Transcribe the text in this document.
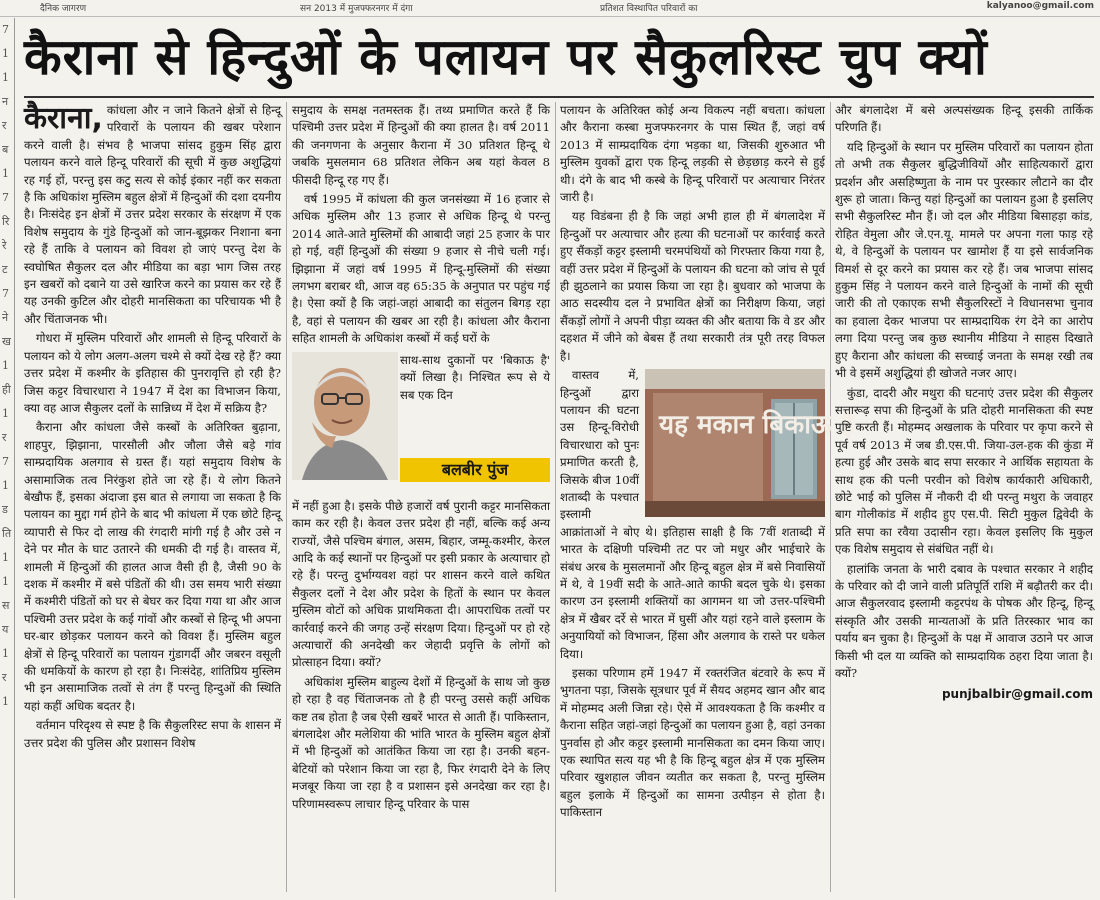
दैनिक जागरण	सन 2013 में मुजफ्फरनगर में दंगा	प्रतिशत विस्थापित परिवारों का	kalyanoo@gmail.com
7
1
1
न
र
ब
1
7
रि
रे
ट
7
ने
ख
1
ही
1
र
7
1
ड
ति
1
1
स
य
1
र
1
कैराना से हिन्दुओं के पलायन पर सैकुलरिस्ट चुप क्यों

कैराना, कांधला और न जाने कितने क्षेत्रों से हिन्दू परिवारों के पलायन की खबर परेशान करने वाली है। संभव है भाजपा सांसद हुकुम सिंह द्वारा पलायन करने वाले हिन्दू परिवारों की सूची में कुछ अशुद्धियां रह गई हों, परन्तु इस कटु सत्य से कोई इंकार नहीं कर सकता है कि अधिकांश मुस्लिम बहुल क्षेत्रों में हिन्दुओं की दशा दयनीय है। निःसंदेह इन क्षेत्रों में उत्तर प्रदेश सरकार के संरक्षण में एक विशेष समुदाय के गुंडे हिन्दुओं को जान-बूझकर निशाना बना रहे हैं ताकि वे पलायन को विवश हो जाएं परन्तु देश के स्वघोषित सैकुलर दल और मीडिया का बड़ा भाग जिस तरह इन खबरों को दबाने या उसे खारिज करने का प्रयास कर रहे हैं यह उनकी कुटिल और दोहरी मानसिकता का परिचायक भी है और चिंताजनक भी।

गोधरा में मुस्लिम परिवारों और शामली से हिन्दू परिवारों के पलायन को ये लोग अलग-अलग चश्मे से क्यों देख रहे हैं? क्या उत्तर प्रदेश में कश्मीर के इतिहास की पुनरावृत्ति हो रही है? जिस कट्टर विचारधारा ने 1947 में देश का विभाजन किया, क्या वह आज सैकुलर दलों के सान्निध्य में देश में सक्रिय है?

कैराना और कांधला जैसे कस्बों के अतिरिक्त बुढ़ाना, शाहपुर, झिझाना, पारसौली और जौला जैसे बड़े गांव साम्प्रदायिक अलगाव से ग्रस्त हैं। यहां समुदाय विशेष के असामाजिक तत्व निरंकुश होते जा रहे हैं। ये लोग कितने बेखौफ हैं, इसका अंदाजा इस बात से लगाया जा सकता है कि पलायन का मुद्दा गर्म होने के बाद भी कांधला में एक छोटे हिन्दू व्यापारी से फिर दो लाख की रंगदारी मांगी गई है और उसे न देने पर मौत के घाट उतारने की धमकी दी गई है। वास्तव में, शामली में हिन्दुओं की हालत आज वैसी ही है, जैसी 90 के दशक में कश्मीर में बसे पंडितों की थी। उस समय भारी संख्या में कश्मीरी पंडितों को घर से बेघर कर दिया गया था और आज पश्चिमी उत्तर प्रदेश के कई गांवों और कस्बों से हिन्दू भी अपना घर-बार छोड़कर पलायन करने को विवश हैं। मुस्लिम बहुल क्षेत्रों से हिन्दू परिवारों का पलायन गुंडागर्दी और जबरन वसूली की धमकियों के कारण हो रहा है। निःसंदेह, शांतिप्रिय मुस्लिम भी इन असामाजिक तत्वों से तंग हैं परन्तु हिन्दुओं की स्थिति यहां कहीं अधिक बदतर है।

वर्तमान परिदृश्य से स्पष्ट है कि सैकुलरिस्ट सपा के शासन में उत्तर प्रदेश की पुलिस और प्रशासन विशेष

समुदाय के समक्ष नतमस्तक हैं। तथ्य प्रमाणित करते हैं कि पश्चिमी उत्तर प्रदेश में हिन्दुओं की क्या हालत है। वर्ष 2011 की जनगणना के अनुसार कैराना में 30 प्रतिशत हिन्दू थे जबकि मुसलमान 68 प्रतिशत लेकिन अब यहां केवल 8 फीसदी हिन्दू रह गए हैं।

वर्ष 1995 में कांधला की कुल जनसंख्या में 16 हजार से अधिक मुस्लिम और 13 हजार से अधिक हिन्दू थे परन्तु 2014 आते-आते मुस्लिमों की आबादी जहां 25 हजार के पार हो गई, वहीं हिन्दुओं की संख्या 9 हजार से नीचे चली गई। झिझाना में जहां वर्ष 1995 में हिन्दू-मुस्लिमों की संख्या लगभग बराबर थी, आज वह 65:35 के अनुपात पर पहुंच गई है। ऐसा क्यों है कि जहां-जहां आबादी का संतुलन बिगड़ रहा है, वहां से पलायन की खबर आ रही है। कांधला और कैराना सहित शामली के अधिकांश कस्बों में कई घरों के

साथ-साथ दुकानों पर 'बिकाऊ है' क्यों लिखा है। निश्चित रूप से ये सब एक दिन
बलबीर पुंज

में नहीं हुआ है। इसके पीछे हजारों वर्ष पुरानी कट्टर मानसिकता काम कर रही है। केवल उत्तर प्रदेश ही नहीं, बल्कि कई अन्य राज्यों, जैसे पश्चिम बंगाल, असम, बिहार, जम्मू-कश्मीर, केरल आदि के कई स्थानों पर हिन्दुओं पर इसी प्रकार के अत्याचार हो रहे हैं। परन्तु दुर्भाग्यवश वहां पर शासन करने वाले कथित सैकुलर दलों ने देश और प्रदेश के हितों के स्थान पर केवल मुस्लिम वोटों को अधिक प्राथमिकता दी। आपराधिक तत्वों पर कार्रवाई करने की जगह उन्हें संरक्षण दिया। हिन्दुओं पर हो रहे अत्याचारों की अनदेखी कर जेहादी प्रवृत्ति के लोगों को प्रोत्साहन दिया। क्यों?

अधिकांश मुस्लिम बाहुल्य देशों में हिन्दुओं के साथ जो कुछ हो रहा है वह चिंताजनक तो है ही परन्तु उससे कहीं अधिक कष्ट तब होता है जब ऐसी खबरें भारत से आती हैं। पाकिस्तान, बंगलादेश और मलेशिया की भांति भारत के मुस्लिम बहुल क्षेत्रों में भी हिन्दुओं को आतंकित किया जा रहा है। उनकी बहन-बेटियों को परेशान किया जा रहा है, फिर रंगदारी देने के लिए मजबूर किया जा रहा है व प्रशासन इसे अनदेखा कर रहा है। परिणामस्वरूप लाचार हिन्दू परिवार के पास

पलायन के अतिरिक्त कोई अन्य विकल्प नहीं बचता। कांधला और कैराना कस्बा मुजफ्फरनगर के पास स्थित हैं, जहां वर्ष 2013 में साम्प्रदायिक दंगा भड़का था, जिसकी शुरुआत भी मुस्लिम युवकों द्वारा एक हिन्दू लड़की से छेड़छाड़ करने से हुई थी। दंगे के बाद भी कस्बे के हिन्दू परिवारों पर अत्याचार निरंतर जारी है।

यह विडंबना ही है कि जहां अभी हाल ही में बंगलादेश में हिन्दुओं पर अत्याचार और हत्या की घटनाओं पर कार्रवाई करते हुए सैंकड़ों कट्टर इस्लामी चरमपंथियों को गिरफ्तार किया गया है, वहीं उत्तर प्रदेश में हिन्दुओं के पलायन की घटना को जांच से पूर्व ही झुठलाने का प्रयास किया जा रहा है। बुधवार को भाजपा के आठ सदस्यीय दल ने प्रभावित क्षेत्रों का निरीक्षण किया, जहां सैंकड़ों लोगों ने अपनी पीड़ा व्यक्त की और बताया कि वे डर और दहशत में जीने को बेबस हैं तथा सरकारी तंत्र पूरी तरह विफल है।

यह मकान बिकाऊ है

वास्तव में, हिन्दुओं द्वारा पलायन की घटना उस हिन्दू-विरोधी विचारधारा को पुनः प्रमाणित करती है, जिसके बीज 10वीं शताब्दी के पश्चात इस्लामी आक्रांताओं ने बोए थे। इतिहास साक्षी है कि 7वीं शताब्दी में भारत के दक्षिणी पश्चिमी तट पर जो मधुर और भाईचारे के संबंध अरब के मुसलमानों और हिन्दू बहुल क्षेत्र में बसे निवासियों में थे, वे 19वीं सदी के आते-आते काफी बदल चुके थे। इसका कारण उन इस्लामी शक्तियों का आगमन था जो उत्तर-पश्चिमी क्षेत्र में खैबर दर्रे से भारत में घुसीं और यहां रहने वाले इस्लाम के अनुयायियों को विभाजन, हिंसा और अलगाव के रास्ते पर धकेल दिया।

इसका परिणाम हमें 1947 में रक्तरंजित बंटवारे के रूप में भुगतना पड़ा, जिसके सूत्रधार पूर्व में सैयद अहमद खान और बाद में मोहम्मद अली जिन्ना रहे। ऐसे में आवश्यकता है कि कश्मीर व कैराना सहित जहां-जहां हिन्दुओं का पलायन हुआ है, वहां उनका पुनर्वास हो और कट्टर इस्लामी मानसिकता का दमन किया जाए। एक स्थापित सत्य यह भी है कि हिन्दू बहुल क्षेत्र में एक मुस्लिम परिवार खुशहाल जीवन व्यतीत कर सकता है, परन्तु मुस्लिम बहुल इलाके में हिन्दुओं का सामना उत्पीड़न से होता है। पाकिस्तान

और बंगलादेश में बसे अल्पसंख्यक हिन्दू इसकी तार्किक परिणति हैं।

यदि हिन्दुओं के स्थान पर मुस्लिम परिवारों का पलायन होता तो अभी तक सैकुलर बुद्धिजीवियों और साहित्यकारों द्वारा प्रदर्शन और असहिष्णुता के नाम पर पुरस्कार लौटाने का दौर शुरू हो जाता। किन्तु यहां हिन्दुओं का पलायन हुआ है इसलिए सभी सैकुलरिस्ट मौन हैं। जो दल और मीडिया बिसाहड़ा कांड, रोहित वेमुला और जे.एन.यू. मामले पर अपना गला फाड़ रहे थे, वे हिन्दुओं के पलायन पर खामोश हैं या इसे सार्वजनिक विमर्श से दूर करने का प्रयास कर रहे हैं। जब भाजपा सांसद हुकुम सिंह ने पलायन करने वाले हिन्दुओं के नामों की सूची जारी की तो एकाएक सभी सैकुलरिस्टों ने विधानसभा चुनाव का हवाला देकर भाजपा पर साम्प्रदायिक रंग देने का आरोप लगा दिया परन्तु जब कुछ स्थानीय मीडिया ने साहस दिखाते हुए कैराना और कांधला की सच्चाई जनता के समक्ष रखी तब भी वे इसमें अशुद्धियां ही खोजते नजर आए।

कुंडा, दादरी और मथुरा की घटनाएं उत्तर प्रदेश की सैकुलर सत्तारूढ़ सपा की हिन्दुओं के प्रति दोहरी मानसिकता की स्पष्ट पुष्टि करती हैं। मोहम्मद अखलाक के परिवार पर कृपा करने से पूर्व वर्ष 2013 में जब डी.एस.पी. जिया-उल-हक की कुंडा में हत्या हुई और उसके बाद सपा सरकार ने आर्थिक सहायता के साथ हक की पत्नी परवीन को विशेष कार्यकारी अधिकारी, छोटे भाई को पुलिस में नौकरी दी थी परन्तु मथुरा के जवाहर बाग गोलीकांड में शहीद हुए एस.पी. सिटी मुकुल द्विवेदी के प्रति सपा का रवैया उदासीन रहा। केवल इसलिए कि मुकुल एक विशेष समुदाय से संबंधित नहीं थे।

हालांकि जनता के भारी दबाव के पश्चात सरकार ने शहीद के परिवार को दी जाने वाली प्रतिपूर्ति राशि में बढ़ौतरी कर दी। आज सैकुलरवाद इस्लामी कट्टरपंथ के पोषक और हिन्दू, हिन्दू संस्कृति और उसकी मान्यताओं के प्रति तिरस्कार भाव का पर्याय बन चुका है। हिन्दुओं के पक्ष में आवाज उठाने पर आज किसी भी दल या व्यक्ति को साम्प्रदायिक ठहरा दिया जाता है। क्यों?

punjbalbir@gmail.com
